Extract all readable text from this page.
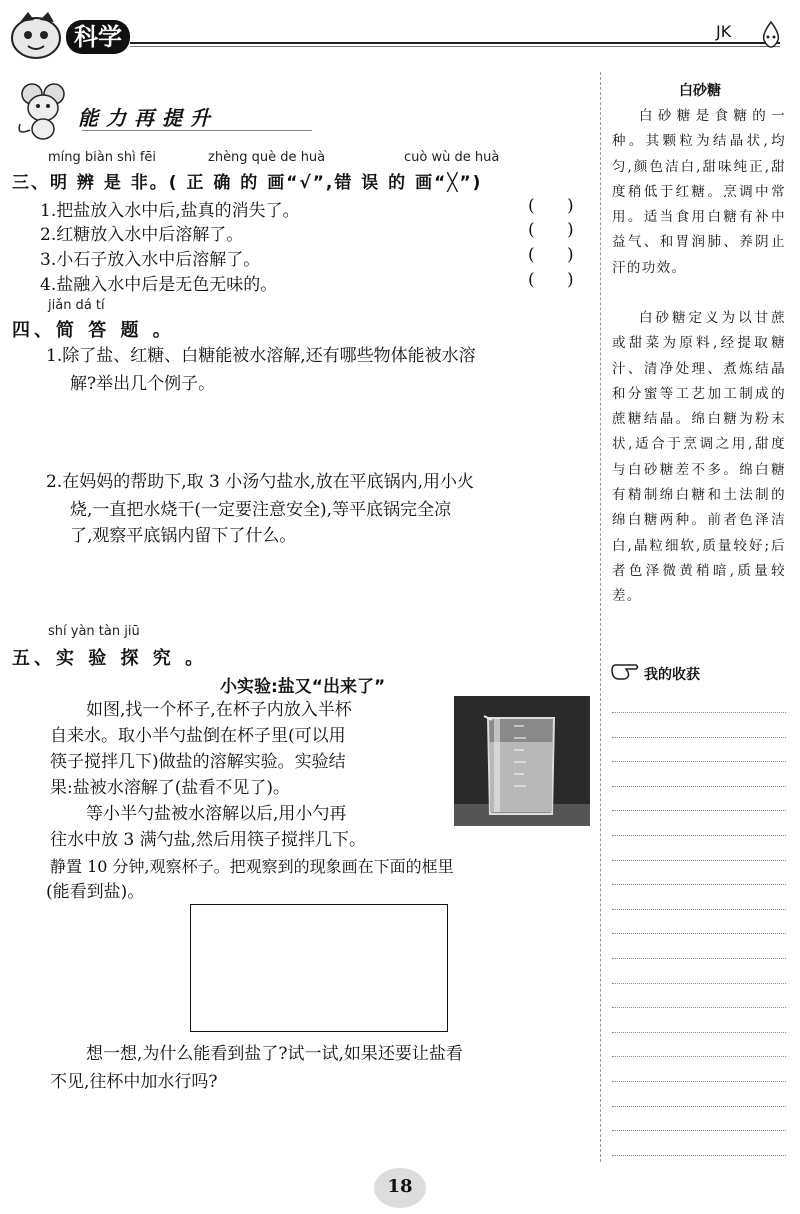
科学	JK
能力再提升
míng biàn shì fēi	zhèng què de huà	cuò wù de huà
三、明 辨 是 非。( 正 确 的 画“√”,错 误 的 画“╳”)
1.把盐放入水中后,盐真的消失了。	(      )
2.红糖放入水中后溶解了。	(      )
3.小石子放入水中后溶解了。	(      )
4.盐融入水中后是无色无味的。	(      )
jiǎn dá tí
四、简 答 题 。
1.除了盐、红糖、白糖能被水溶解,还有哪些物体能被水溶
解?举出几个例子。
2.在妈妈的帮助下,取 3 小汤勺盐水,放在平底锅内,用小火
烧,一直把水烧干(一定要注意安全),等平底锅完全凉
了,观察平底锅内留下了什么。
shí yàn tàn jiū
五、实 验 探 究 。
小实验:盐又“出来了”
如图,找一个杯子,在杯子内放入半杯
自来水。取小半勺盐倒在杯子里(可以用
筷子搅拌几下)做盐的溶解实验。实验结
果:盐被水溶解了(盐看不见了)。
等小半勺盐被水溶解以后,用小勺再
往水中放 3 满勺盐,然后用筷子搅拌几下。
静置 10 分钟,观察杯子。把观察到的现象画在下面的框里
(能看到盐)。
想一想,为什么能看到盐了?试一试,如果还要让盐看
不见,往杯中加水行吗?
白砂糖
白砂糖是食糖的一种。其颗粒为结晶状,均匀,颜色洁白,甜味纯正,甜度稍低于红糖。烹调中常用。适当食用白糖有补中益气、和胃润肺、养阴止汗的功效。
白砂糖定义为以甘蔗或甜菜为原料,经提取糖汁、清净处理、煮炼结晶和分蜜等工艺加工制成的蔗糖结晶。绵白糖为粉末状,适合于烹调之用,甜度与白砂糖差不多。绵白糖有精制绵白糖和土法制的绵白糖两种。前者色泽洁白,晶粒细软,质量较好;后者色泽微黄稍暗,质量较差。
我的收获
18
